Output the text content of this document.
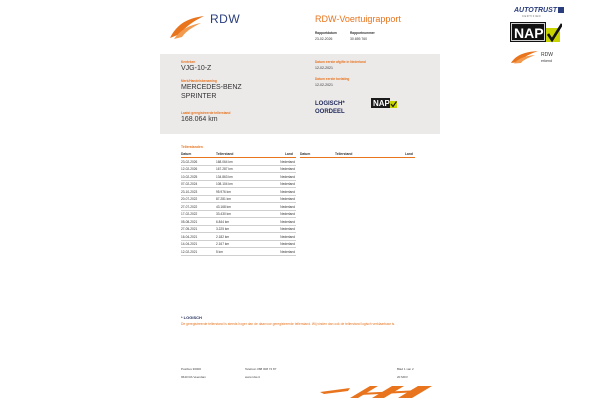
RDW	RDW-Voertuigrapport
Rapportdatum	Rapportnummer
23-02-2026	30.659.760
Kenteken
VJG-10-Z
Merk/Handelsbenaming
MERCEDES-BENZ
SPRINTER
Laatst geregistreerde tellerstand
168.064 km
Datum eerste afgifte in Nederland
12-02-2021
Datum eerste toelating
12-02-2021
LOGISCH*
OORDEEL
NAP
Tellerstanden
Datum	Tellerstand	Land Datum	Tellerstand	Land
23-02-2026	168.064 km	Nederland
12-02-2026	167.287 km	Nederland
10-02-2025	134.863 km	Nederland
07-02-2024	108.104 km	Nederland
23-10-2023	95.976 km	Nederland
20-07-2022	87.281 km	Nederland
27-07-2022	43.168 km	Nederland
17-02-2022	33.430 km	Nederland
05-08-2021	6.844 km	Nederland
27-05-2021	3.225 km	Nederland
16-04-2021	2.182 km	Nederland
14-04-2021	2.167 km	Nederland
12-02-2021	5 km	Nederland
* LOGISCH
De geregistreerde tellerstand is steeds hoger dan de daarvoor geregistreerde tellerstand. Wij vinden dan ook de tellerstand logisch verklaarbaar is.
Postbus 30000
9640 RA Veendam
Telefoon 088 008 74 87
www.rdw.nl
Blad 1 van 2
20 MDV
AUTOTRUST
CERTIFIED
NAP
RDW
erkend
